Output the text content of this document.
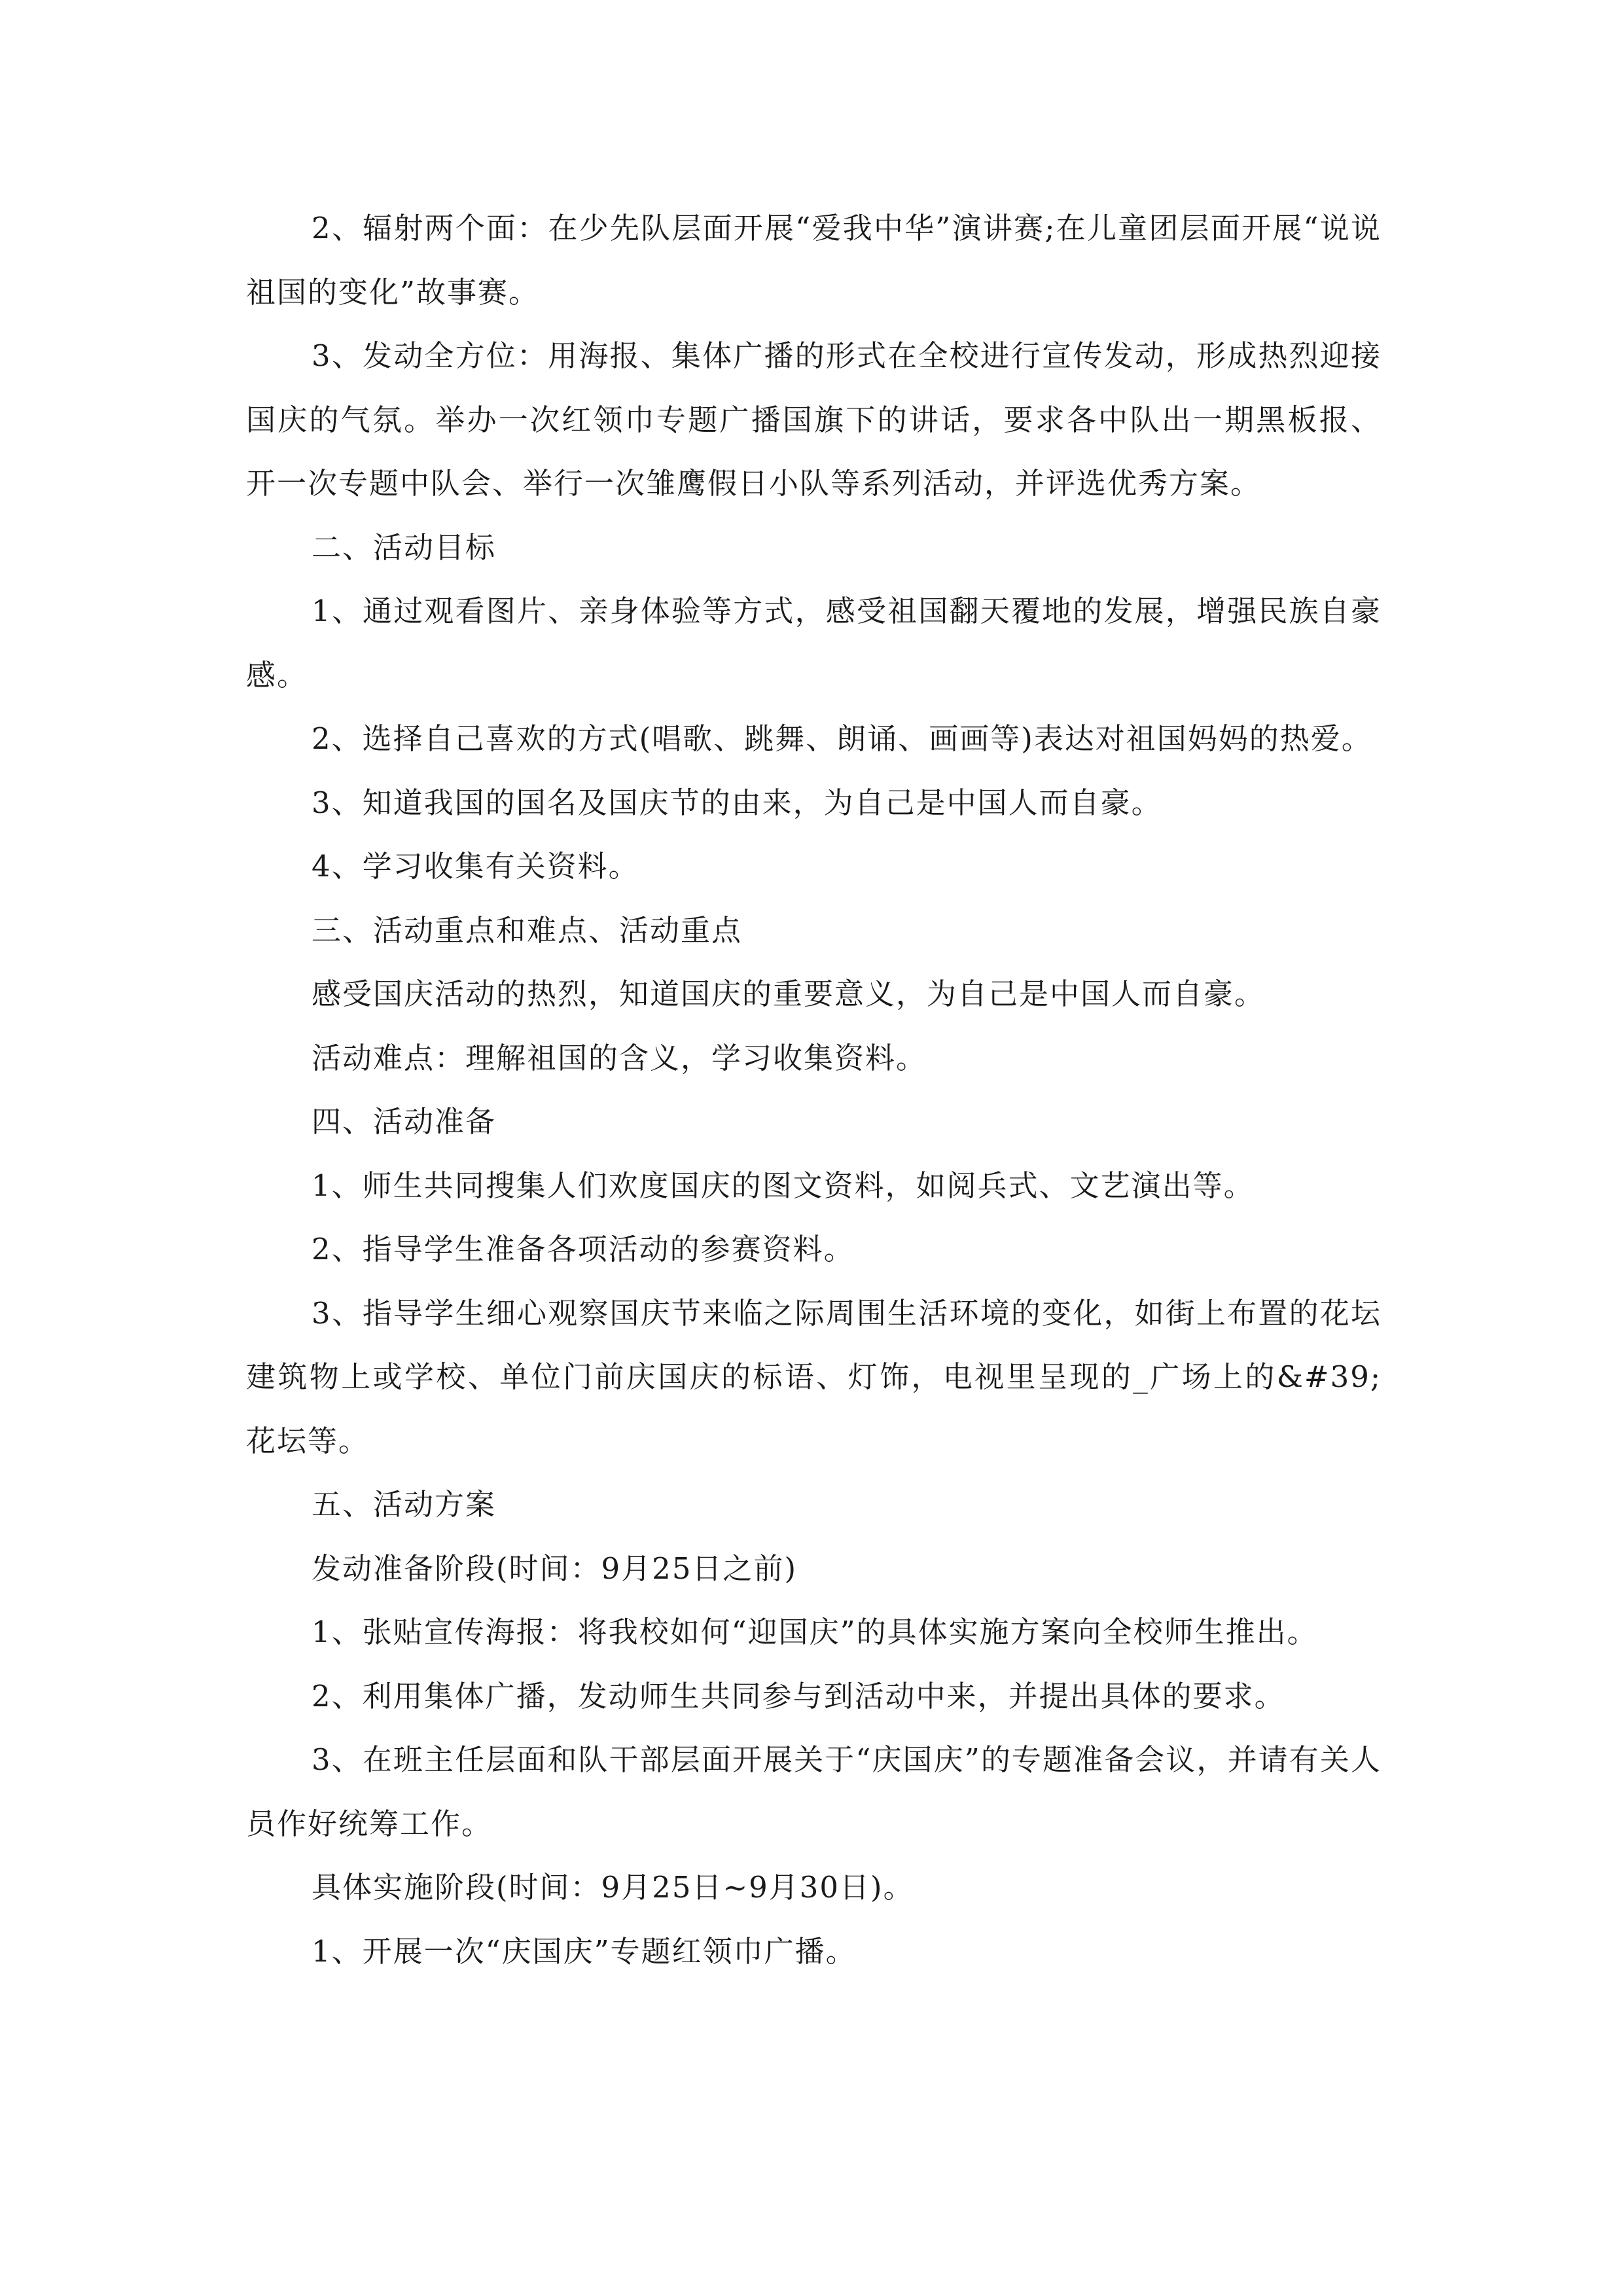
2、辐射两个面：在少先队层面开展“爱我中华”演讲赛;在儿童团层面开展“说说祖国的变化”故事赛。

3、发动全方位：用海报、集体广播的形式在全校进行宣传发动，形成热烈迎接国庆的气氛。举办一次红领巾专题广播国旗下的讲话，要求各中队出一期黑板报、开一次专题中队会、举行一次雏鹰假日小队等系列活动，并评选优秀方案。

二、活动目标

1、通过观看图片、亲身体验等方式，感受祖国翻天覆地的发展，增强民族自豪感。

2、选择自己喜欢的方式(唱歌、跳舞、朗诵、画画等)表达对祖国妈妈的热爱。

3、知道我国的国名及国庆节的由来，为自己是中国人而自豪。

4、学习收集有关资料。

三、活动重点和难点、活动重点

感受国庆活动的热烈，知道国庆的重要意义，为自己是中国人而自豪。

活动难点：理解祖国的含义，学习收集资料。

四、活动准备

1、师生共同搜集人们欢度国庆的图文资料，如阅兵式、文艺演出等。

2、指导学生准备各项活动的参赛资料。

3、指导学生细心观察国庆节来临之际周围生活环境的变化，如街上布置的花坛建筑物上或学校、单位门前庆国庆的标语、灯饰，电视里呈现的_广场上的&#39;花坛等。

五、活动方案

发动准备阶段(时间：9月25日之前)

1、张贴宣传海报：将我校如何“迎国庆”的具体实施方案向全校师生推出。

2、利用集体广播，发动师生共同参与到活动中来，并提出具体的要求。

3、在班主任层面和队干部层面开展关于“庆国庆”的专题准备会议，并请有关人员作好统筹工作。

具体实施阶段(时间：9月25日~9月30日)。

1、开展一次“庆国庆”专题红领巾广播。
